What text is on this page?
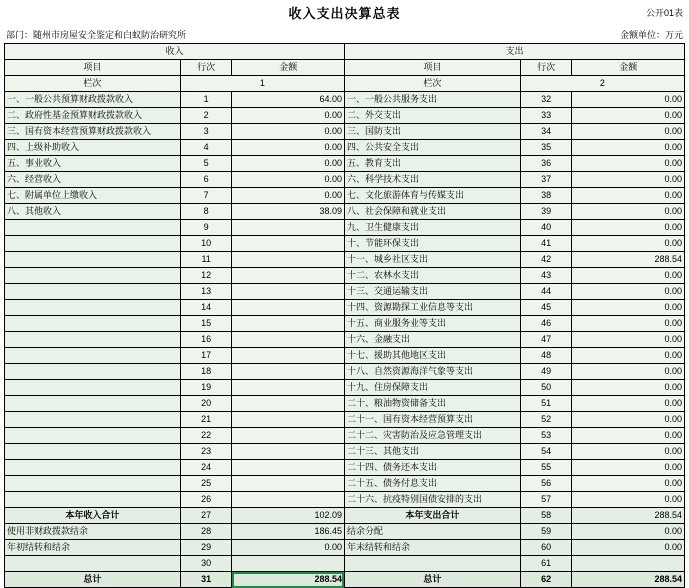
收入支出决算总表	公开01表
部门：随州市房屋安全鉴定和白蚁防治研究所	金额单位：万元
收入			支出		
项目	行次	金额	项目	行次	金额
栏次	1		栏次	2	
一、一般公共预算财政拨款收入	1	64.00	一、一般公共服务支出	32	0.00
二、政府性基金预算财政拨款收入	2	0.00	二、外交支出	33	0.00
三、国有资本经营预算财政拨款收入	3	0.00	三、国防支出	34	0.00
四、上级补助收入	4	0.00	四、公共安全支出	35	0.00
五、事业收入	5	0.00	五、教育支出	36	0.00
六、经营收入	6	0.00	六、科学技术支出	37	0.00
七、附属单位上缴收入	7	0.00	七、文化旅游体育与传媒支出	38	0.00
八、其他收入	8	38.09	八、社会保障和就业支出	39	0.00
	9		九、卫生健康支出	40	0.00
	10		十、节能环保支出	41	0.00
	11		十一、城乡社区支出	42	288.54
	12		十二、农林水支出	43	0.00
	13		十三、交通运输支出	44	0.00
	14		十四、资源勘探工业信息等支出	45	0.00
	15		十五、商业服务业等支出	46	0.00
	16		十六、金融支出	47	0.00
	17		十七、援助其他地区支出	48	0.00
	18		十八、自然资源海洋气象等支出	49	0.00
	19		十九、住房保障支出	50	0.00
	20		二十、粮油物资储备支出	51	0.00
	21		二十一、国有资本经营预算支出	52	0.00
	22		二十二、灾害防治及应急管理支出	53	0.00
	23		二十三、其他支出	54	0.00
	24		二十四、债务还本支出	55	0.00
	25		二十五、债务付息支出	56	0.00
	26		二十六、抗疫特别国债安排的支出	57	0.00
本年收入合计	27	102.09	本年支出合计	58	288.54
使用非财政拨款结余	28	186.45	结余分配	59	0.00
年初结转和结余	29	0.00	年末结转和结余	60	0.00
	30			61	
总计	31	288.54	总计	62	288.54
